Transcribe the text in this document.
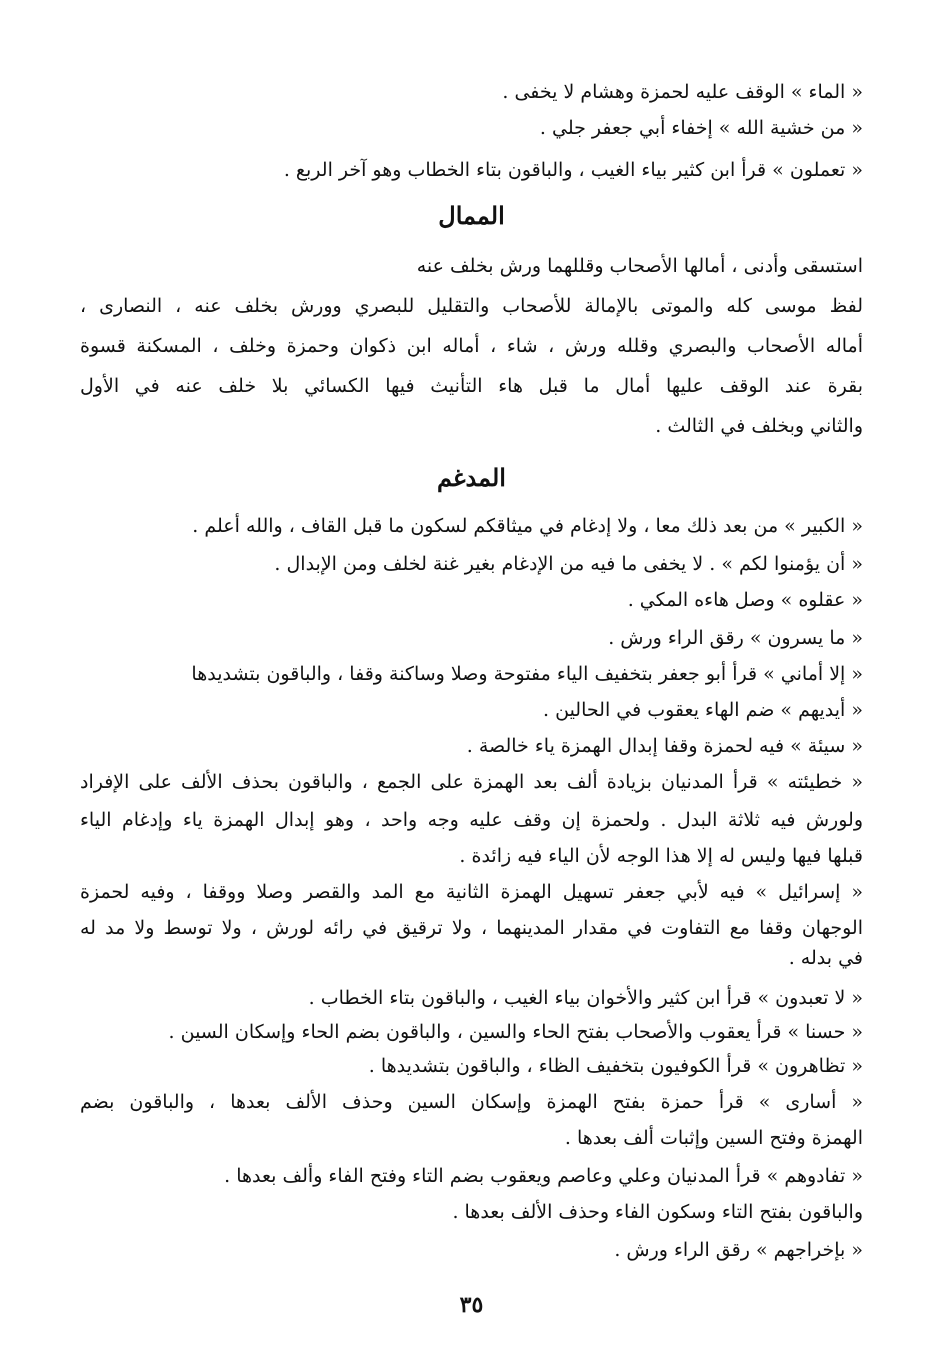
« الماء » الوقف عليه لحمزة وهشام لا يخفى .
« من خشية الله » إخفاء أبي جعفر جلي .
« تعملون » قرأ ابن كثير بياء الغيب ، والباقون بتاء الخطاب وهو آخر الربع .
الممال
استسقى وأدنى ، أمالها الأصحاب وقللهما ورش بخلف عنه
لفظ موسى كله والموتى بالإمالة للأصحاب والتقليل للبصري وورش بخلف عنه ، النصارى ،
أماله الأصحاب والبصري وقلله ورش ، شاء ، أماله ابن ذكوان وحمزة وخلف ، المسكنة قسوة
بقرة عند الوقف عليها أمال ما قبل هاء التأنيث فيها الكسائي بلا خلف عنه في الأول
والثاني وبخلف في الثالث .
المدغم
« الكبير » من بعد ذلك معا ، ولا إدغام في ميثاقكم لسكون ما قبل القاف ، والله أعلم .
« أن يؤمنوا لكم » . لا يخفى ما فيه من الإدغام بغير غنة لخلف ومن الإبدال .
« عقلوه » وصل هاءه المكي .
« ما يسرون » رقق الراء ورش .
« إلا أماني » قرأ أبو جعفر بتخفيف الياء مفتوحة وصلا وساكنة وقفا ، والباقون بتشديدها
« أيديهم » ضم الهاء يعقوب في الحالين .
« سيئة » فيه لحمزة وقفا إبدال الهمزة ياء خالصة .
« خطيئته » قرأ المدنيان بزيادة ألف بعد الهمزة على الجمع ، والباقون بحذف الألف على الإفراد
ولورش فيه ثلاثة البدل . ولحمزة إن وقف عليه وجه واحد ، وهو إبدال الهمزة ياء وإدغام الياء
قبلها فيها وليس له إلا هذا الوجه لأن الياء فيه زائدة .
« إسرائيل » فيه لأبي جعفر تسهيل الهمزة الثانية مع المد والقصر وصلا ووقفا ، وفيه لحمزة
الوجهان وقفا مع التفاوت في مقدار المدينهما ، ولا ترقيق في رائه لورش ، ولا توسط ولا مد له
في بدله .
« لا تعبدون » قرأ ابن كثير والأخوان بياء الغيب ، والباقون بتاء الخطاب .
« حسنا » قرأ يعقوب والأصحاب بفتح الحاء والسين ، والباقون بضم الحاء وإسكان السين .
« تظاهرون » قرأ الكوفيون بتخفيف الظاء ، والباقون بتشديدها .
« أسارى » قرأ حمزة بفتح الهمزة وإسكان السين وحذف الألف بعدها ، والباقون بضم
الهمزة وفتح السين وإثبات ألف بعدها .
« تفادوهم » قرأ المدنيان وعلي وعاصم ويعقوب بضم التاء وفتح الفاء وألف بعدها .
والباقون بفتح التاء وسكون الفاء وحذف الألف بعدها .
« بإخراجهم » رقق الراء ورش .
٣٥
